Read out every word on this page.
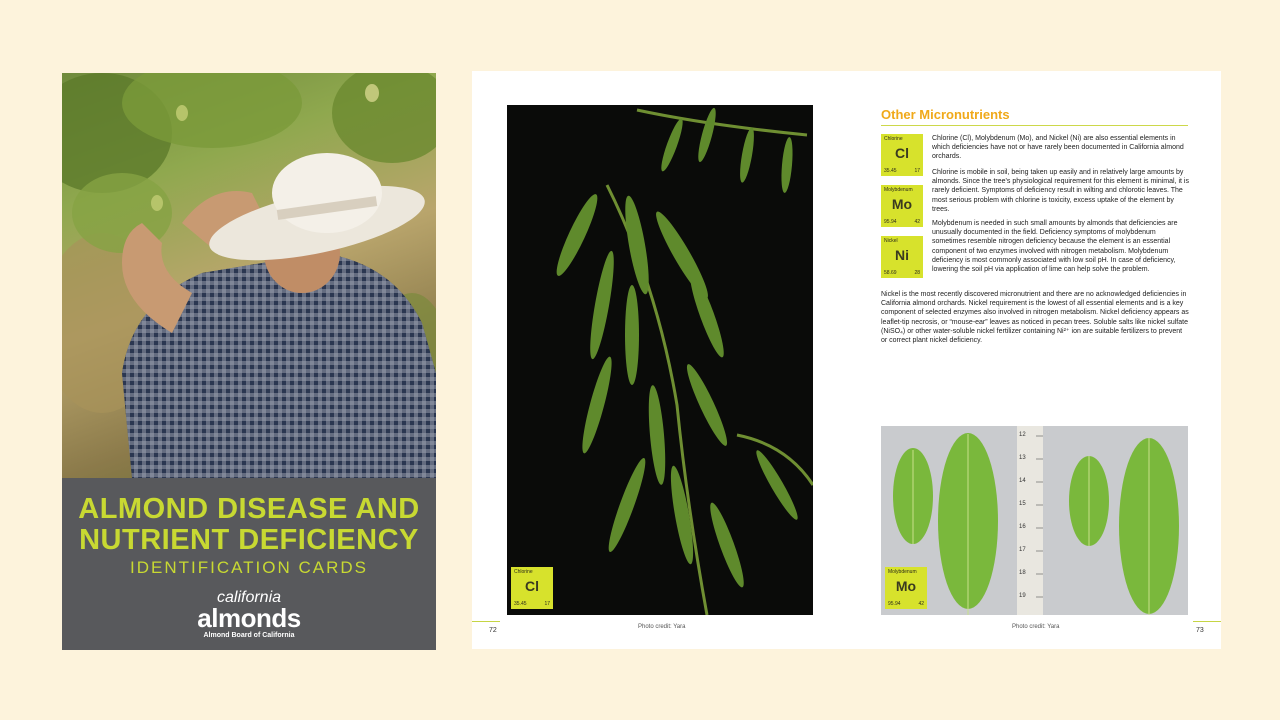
ALMOND DISEASE AND
NUTRIENT DEFICIENCY
IDENTIFICATION CARDS
california
almonds
Almond Board of California
Chlorine
Cl
35.45	17
Other Micronutrients
Chlorine
Cl
35.45	17
Molybdenum
Mo
95.94	42
Nickel
Ni
58.69	28

Chlorine (Cl), Molybdenum (Mo), and Nickel (Ni) are also essential elements in which deficiencies have not or have rarely been documented in California almond orchards.

Chlorine is mobile in soil, being taken up easily and in relatively large amounts by almonds. Since the tree's physiological requirement for this element is minimal, it is rarely deficient. Symptoms of deficiency result in wilting and chlorotic leaves. The most serious problem with chlorine is toxicity, excess uptake of the element by trees.

Molybdenum is needed in such small amounts by almonds that deficiencies are unusually documented in the field. Deficiency symptoms of molybdenum sometimes resemble nitrogen deficiency because the element is an essential component of two enzymes involved with nitrogen metabolism. Molybdenum deficiency is most commonly associated with low soil pH. In case of deficiency, lowering the soil pH via application of lime can help solve the problem.

Nickel is the most recently discovered micronutrient and there are no acknowledged deficiencies in California almond orchards. Nickel requirement is the lowest of all essential elements and is a key component of selected enzymes also involved in nitrogen metabolism. Nickel deficiency appears as leaflet-tip necrosis, or “mouse-ear” leaves as noticed in pecan trees. Soluble salts like nickel sulfate (NiSO₄) or other water-soluble nickel fertilizer containing Ni²⁺ ion are suitable fertilizers to prevent or correct plant nickel deficiency.

12
13
14
15
16
17
18
19
Molybdenum
Mo
95.94	42
72	Photo credit: Yara	Photo credit: Yara	73
